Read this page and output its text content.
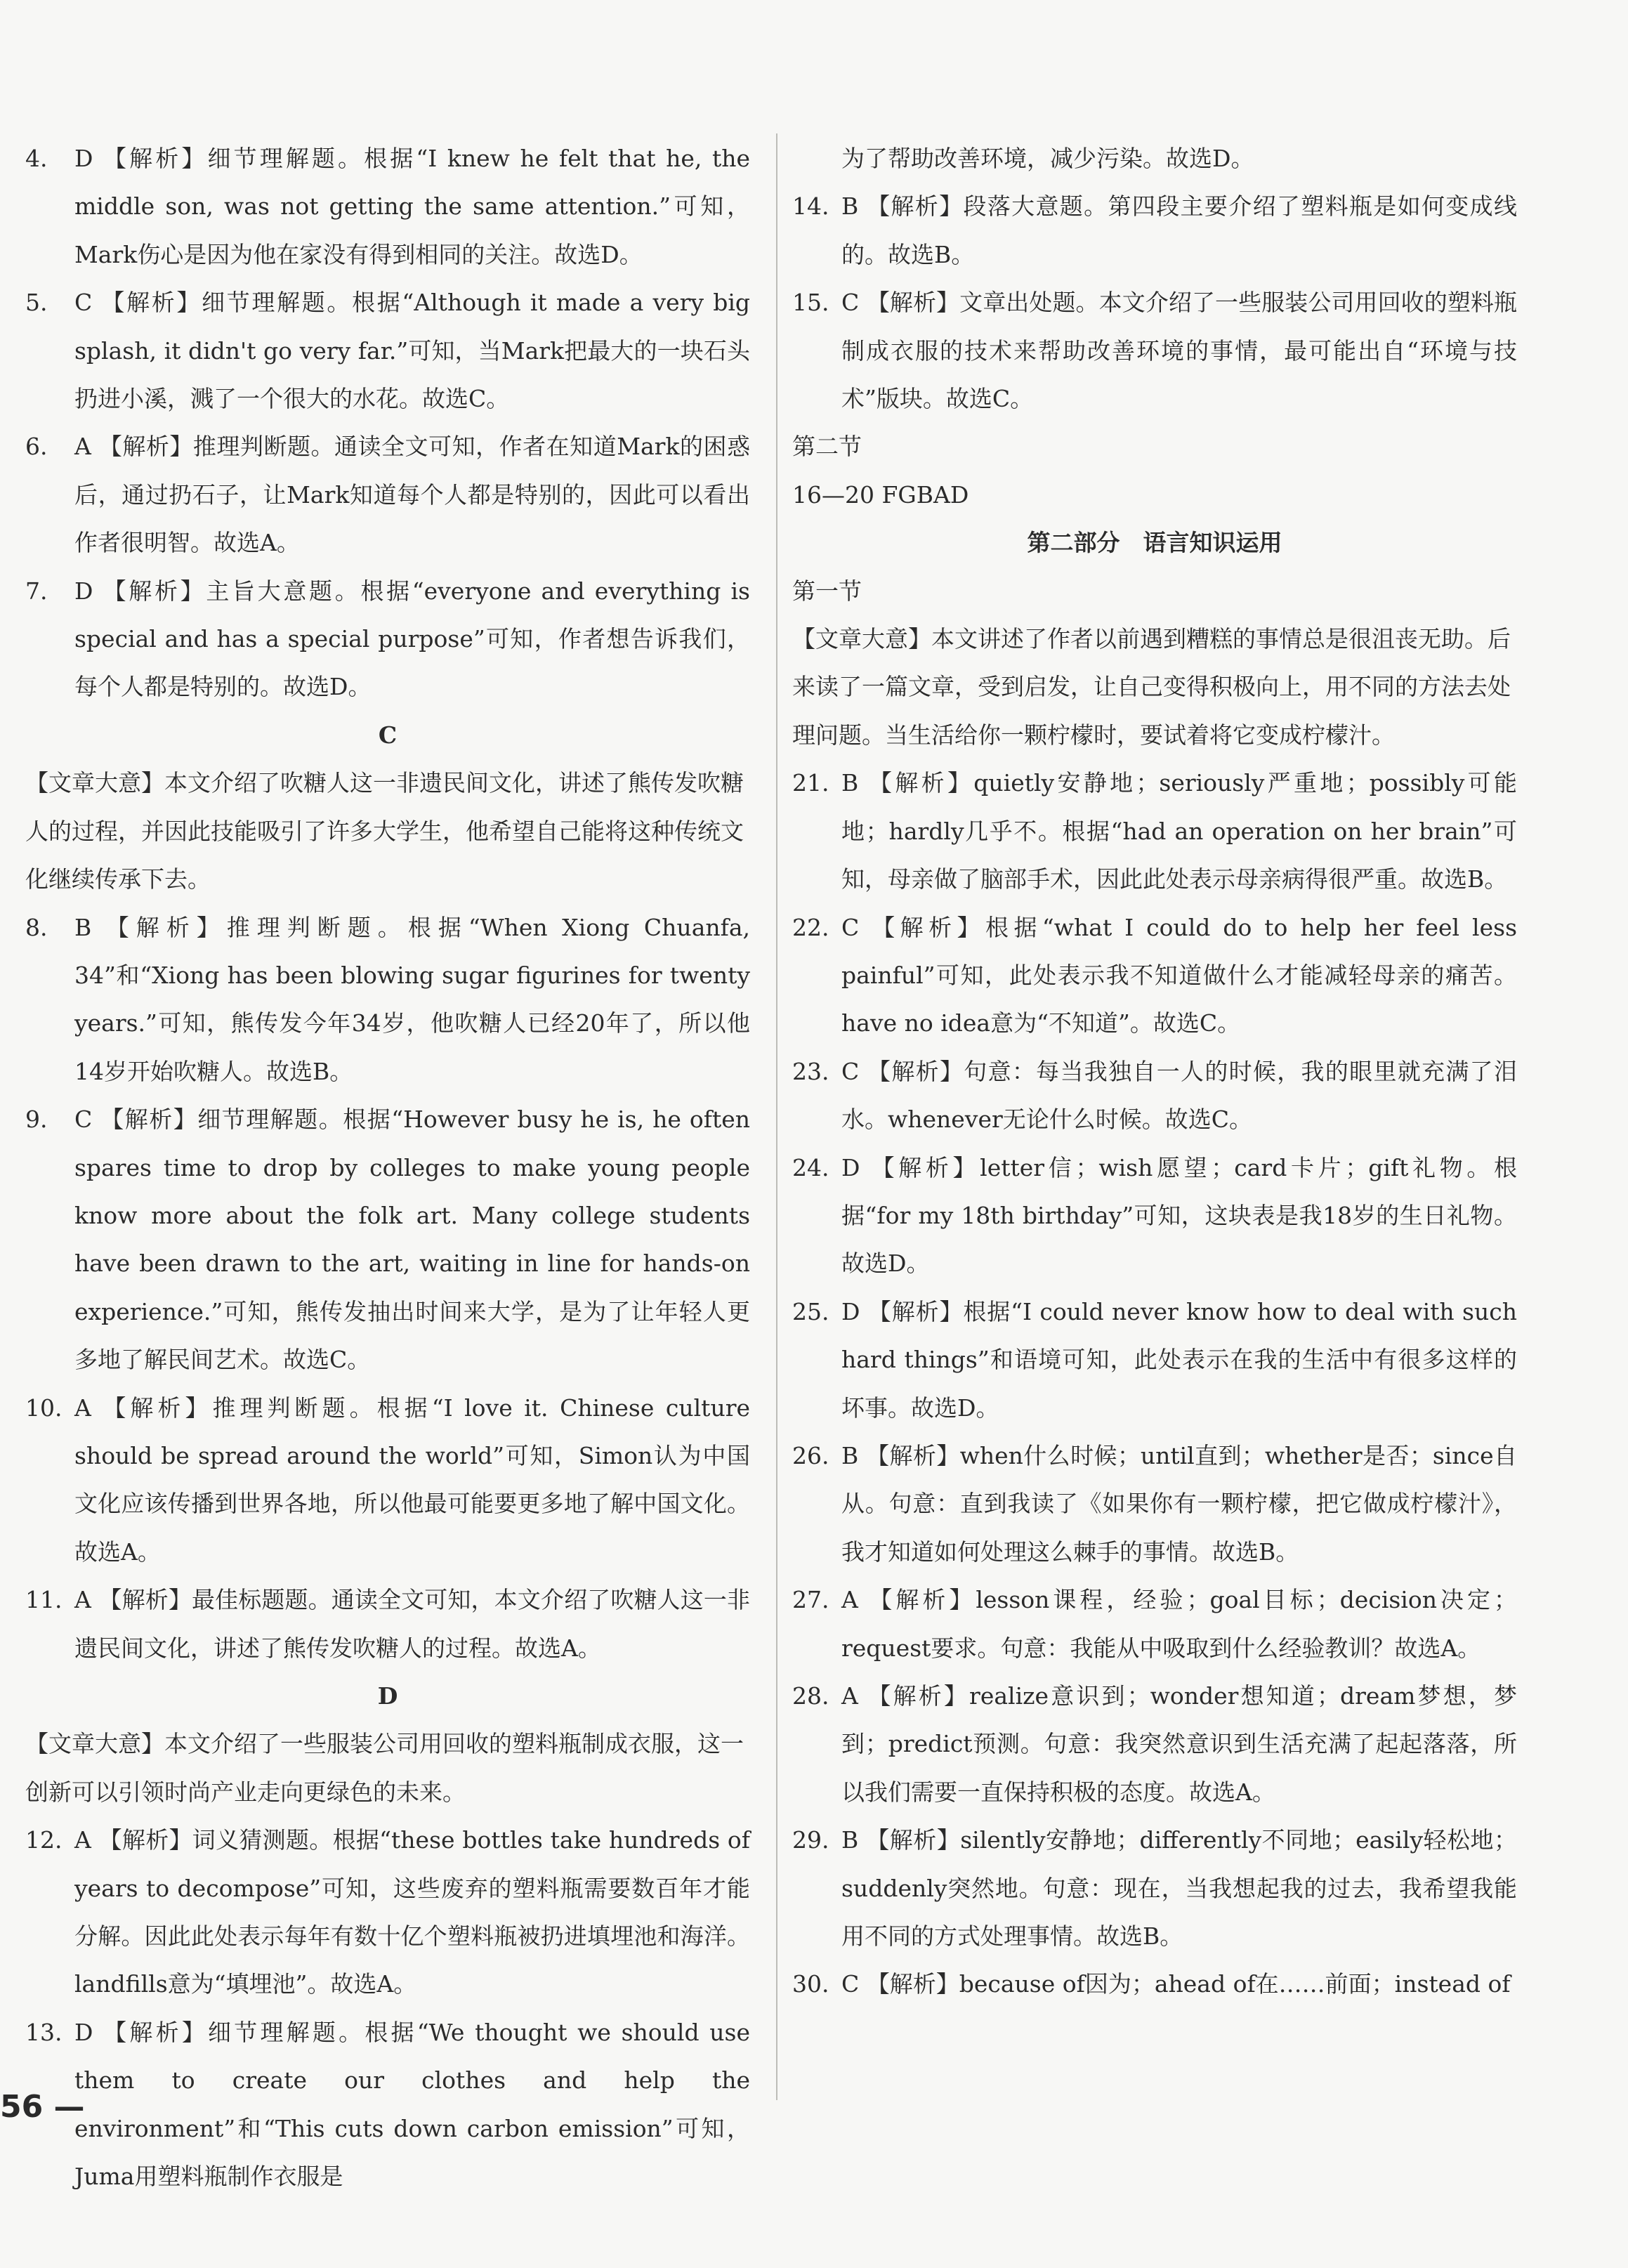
4. D 【解析】细节理解题。根据“I knew he felt that he, the middle son, was not getting the same attention.”可知，Mark伤心是因为他在家没有得到相同的关注。故选D。

5. C 【解析】细节理解题。根据“Although it made a very big splash, it didn't go very far.”可知，当Mark把最大的一块石头扔进小溪，溅了一个很大的水花。故选C。

6. A 【解析】推理判断题。通读全文可知，作者在知道Mark的困惑后，通过扔石子，让Mark知道每个人都是特别的，因此可以看出作者很明智。故选A。

7. D 【解析】主旨大意题。根据“everyone and everything is special and has a special purpose”可知，作者想告诉我们，每个人都是特别的。故选D。

C

【文章大意】本文介绍了吹糖人这一非遗民间文化，讲述了熊传发吹糖人的过程，并因此技能吸引了许多大学生，他希望自己能将这种传统文化继续传承下去。

8. B 【解析】推理判断题。根据“When Xiong Chuanfa, 34”和“Xiong has been blowing sugar figurines for twenty years.”可知，熊传发今年34岁，他吹糖人已经20年了，所以他14岁开始吹糖人。故选B。

9. C 【解析】细节理解题。根据“However busy he is, he often spares time to drop by colleges to make young people know more about the folk art. Many college students have been drawn to the art, waiting in line for hands-on experience.”可知，熊传发抽出时间来大学，是为了让年轻人更多地了解民间艺术。故选C。

10. A 【解析】推理判断题。根据“I love it. Chinese culture should be spread around the world”可知，Simon认为中国文化应该传播到世界各地，所以他最可能要更多地了解中国文化。故选A。

11. A 【解析】最佳标题题。通读全文可知，本文介绍了吹糖人这一非遗民间文化，讲述了熊传发吹糖人的过程。故选A。

D

【文章大意】本文介绍了一些服装公司用回收的塑料瓶制成衣服，这一创新可以引领时尚产业走向更绿色的未来。

12. A 【解析】词义猜测题。根据“these bottles take hundreds of years to decompose”可知，这些废弃的塑料瓶需要数百年才能分解。因此此处表示每年有数十亿个塑料瓶被扔进填埋池和海洋。landfills意为“填埋池”。故选A。

13. D 【解析】细节理解题。根据“We thought we should use them to create our clothes and help the environment”和“This cuts down carbon emission”可知，Juma用塑料瓶制作衣服是

为了帮助改善环境，减少污染。故选D。

14. B 【解析】段落大意题。第四段主要介绍了塑料瓶是如何变成线的。故选B。

15. C 【解析】文章出处题。本文介绍了一些服装公司用回收的塑料瓶制成衣服的技术来帮助改善环境的事情，最可能出自“环境与技术”版块。故选C。

第二节

16—20 FGBAD

第二部分　语言知识运用

第一节

【文章大意】本文讲述了作者以前遇到糟糕的事情总是很沮丧无助。后来读了一篇文章，受到启发，让自己变得积极向上，用不同的方法去处理问题。当生活给你一颗柠檬时，要试着将它变成柠檬汁。

21. B 【解析】quietly安静地；seriously严重地；possibly可能地；hardly几乎不。根据“had an operation on her brain”可知，母亲做了脑部手术，因此此处表示母亲病得很严重。故选B。

22. C 【解析】根据“what I could do to help her feel less painful”可知，此处表示我不知道做什么才能减轻母亲的痛苦。have no idea意为“不知道”。故选C。

23. C 【解析】句意：每当我独自一人的时候，我的眼里就充满了泪水。whenever无论什么时候。故选C。

24. D 【解析】letter信；wish愿望；card卡片；gift礼物。根据“for my 18th birthday”可知，这块表是我18岁的生日礼物。故选D。

25. D 【解析】根据“I could never know how to deal with such hard things”和语境可知，此处表示在我的生活中有很多这样的坏事。故选D。

26. B 【解析】when什么时候；until直到；whether是否；since自从。句意：直到我读了《如果你有一颗柠檬，把它做成柠檬汁》，我才知道如何处理这么棘手的事情。故选B。

27. A 【解析】lesson课程，经验；goal目标；decision决定；request要求。句意：我能从中吸取到什么经验教训？故选A。

28. A 【解析】realize意识到；wonder想知道；dream梦想，梦到；predict预测。句意：我突然意识到生活充满了起起落落，所以我们需要一直保持积极的态度。故选A。

29. B 【解析】silently安静地；differently不同地；easily轻松地；suddenly突然地。句意：现在，当我想起我的过去，我希望我能用不同的方式处理事情。故选B。

30. C 【解析】because of因为；ahead of在……前面；instead of

56 —
